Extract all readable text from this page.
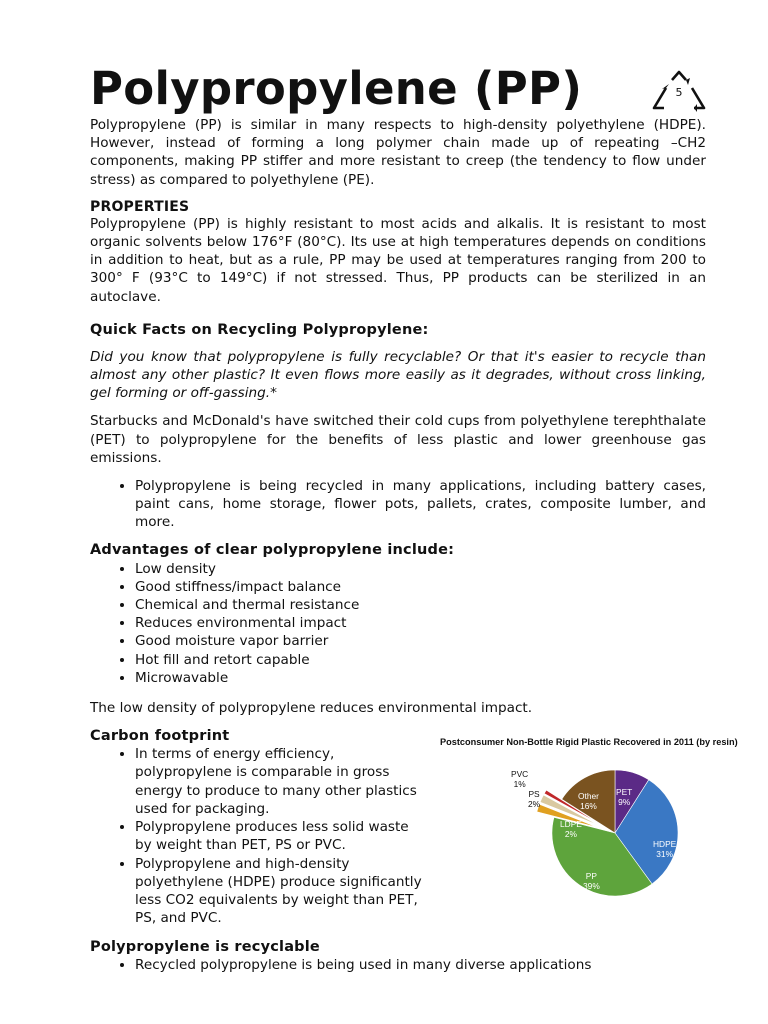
Polypropylene (PP)	5

Polypropylene (PP) is similar in many respects to high-density polyethylene (HDPE). However, instead of forming a long polymer chain made up of repeating –CH2 components, making PP stiffer and more resistant to creep (the tendency to flow under stress) as compared to polyethylene (PE).

PROPERTIES

Polypropylene (PP) is highly resistant to most acids and alkalis. It is resistant to most organic solvents below 176°F (80°C). Its use at high temperatures depends on conditions in addition to heat, but as a rule, PP may be used at temperatures ranging from 200 to 300° F (93°C to 149°C) if not stressed. Thus, PP products can be sterilized in an autoclave.

Quick Facts on Recycling Polypropylene:

Did you know that polypropylene is fully recyclable? Or that it's easier to recycle than almost any other plastic? It even flows more easily as it degrades, without cross linking, gel forming or off-gassing.*

Starbucks and McDonald's have switched their cold cups from polyethylene terephthalate (PET) to polypropylene for the benefits of less plastic and lower greenhouse gas emissions.

• Polypropylene is being recycled in many applications, including battery cases, paint cans, home storage, flower pots, pallets, crates, composite lumber, and more.
Advantages of clear polypropylene include:
• Low density
• Good stiffness/impact balance
• Chemical and thermal resistance
• Reduces environmental impact
• Good moisture vapor barrier
• Hot fill and retort capable
• Microwavable

The low density of polypropylene reduces environmental impact.

Carbon footprint
• In terms of energy efficiency, polypropylene is comparable in gross energy to produce to many other plastics used for packaging.
• Polypropylene produces less solid waste by weight than PET, PS or PVC.
• Polypropylene and high-density polyethylene (HDPE) produce significantly less CO2 equivalents by weight than PET, PS, and PVC.
Polypropylene is recyclable
• Recycled polypropylene is being used in many diverse applications
Postconsumer Non-Bottle Rigid Plastic Recovered in 2011 (by resin)
PET
9%
HDPE
31%
PP
39%
LDPE
2%
PS
2%
PVC
1%
Other
16%
